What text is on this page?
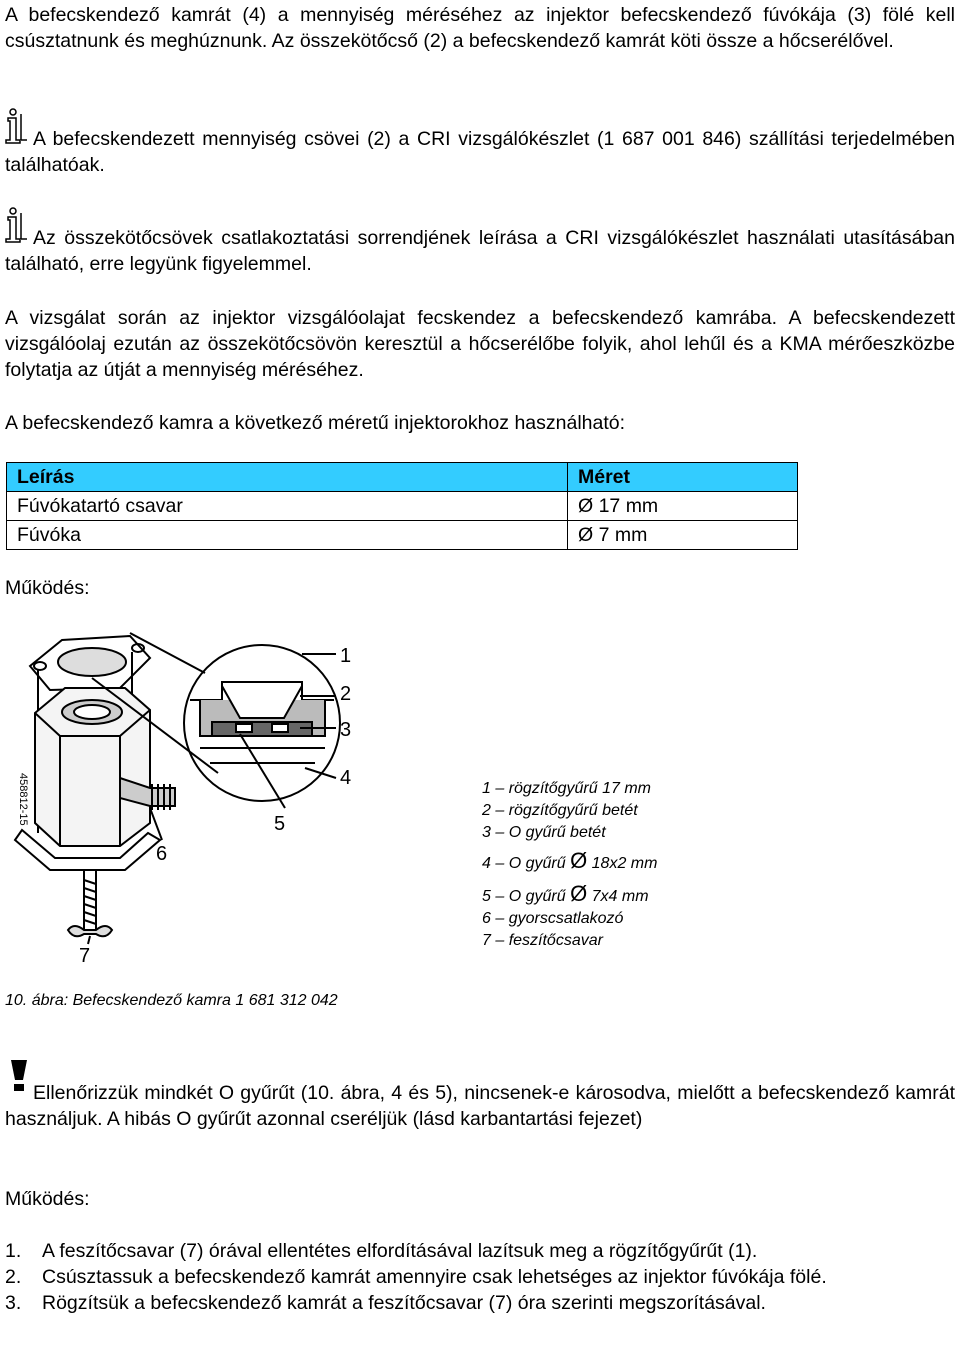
A befecskendező kamrát (4) a mennyiség méréséhez az injektor befecskendező fúvókája (3) fölé kell csúsztatnunk és meghúznunk. Az összekötőcső (2) a befecskendező kamrát köti össze a hőcserélővel.

A befecskendezett mennyiség csövei (2) a CRI vizsgálókészlet (1 687 001 846) szállítási terjedelmében találhatóak.

Az összekötőcsövek csatlakoztatási sorrendjének leírása a CRI vizsgálókészlet használati utasításában található, erre legyünk figyelemmel.

A vizsgálat során az injektor vizsgálóolajat fecskendez a befecskendező kamrába. A befecskendezett vizsgálóolaj ezután az összekötőcsövön keresztül a hőcserélőbe folyik, ahol lehűl és a KMA mérőeszközbe folytatja az útját a mennyiség méréséhez.

A befecskendező kamra a következő méretű injektorokhoz használható:

Leírás	Méret
Fúvókatartó csavar	Ø 17 mm
Fúvóka	Ø 7 mm

Működés:

1
2
3
4
5
6
7
458812-15	1 – rögzítőgyűrű 17 mm
2 – rögzítőgyűrű betét
3 – O gyűrű betét
4 – O gyűrű Ø 18x2 mm
5 – O gyűrű Ø 7x4 mm
6 – gyorscsatlakozó
7 – feszítőcsavar
10. ábra: Befecskendező kamra 1 681 312 042

Ellenőrizzük mindkét O gyűrűt (10. ábra, 4 és 5), nincsenek-e károsodva, mielőtt a befecskendező kamrát használjuk. A hibás O gyűrűt azonnal cseréljük (lásd karbantartási fejezet)

Működés:

1. A feszítőcsavar (7) órával ellentétes elfordításával lazítsuk meg a rögzítőgyűrűt (1).
2. Csúsztassuk a befecskendező kamrát amennyire csak lehetséges az injektor fúvókája fölé.
3. Rögzítsük a befecskendező kamrát a feszítőcsavar (7) óra szerinti megszorításával.
